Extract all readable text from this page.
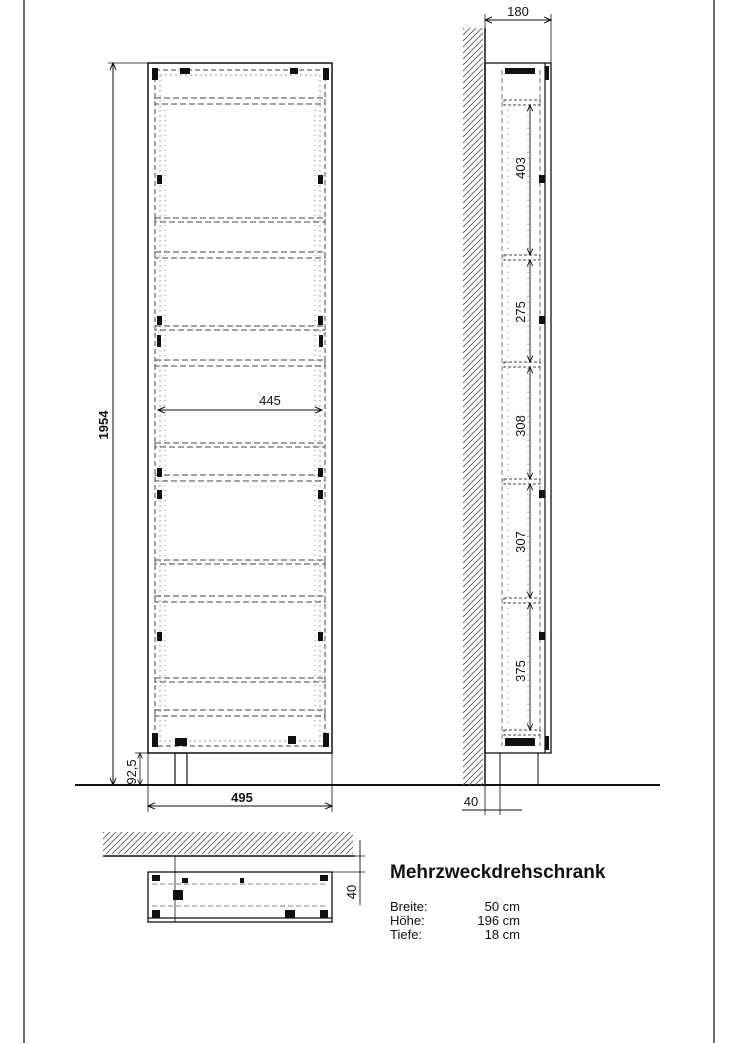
1954
92,5
445
495
403
275
308
307
375
180
40
40
Mehrzweckdrehschrank
Breite:	50 cm
Höhe:	196 cm
Tiefe:	18 cm
